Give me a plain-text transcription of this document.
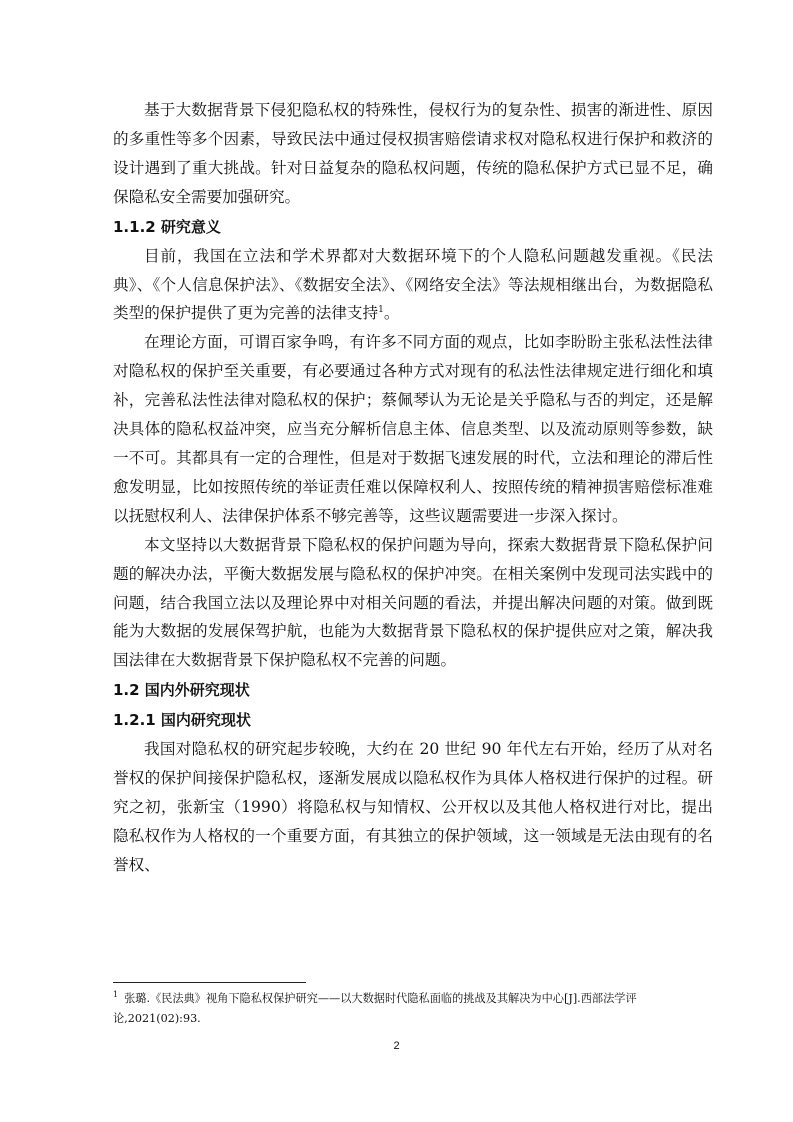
基于大数据背景下侵犯隐私权的特殊性，侵权行为的复杂性、损害的渐进性、原因的多重性等多个因素，导致民法中通过侵权损害赔偿请求权对隐私权进行保护和救济的设计遇到了重大挑战。针对日益复杂的隐私权问题，传统的隐私保护方式已显不足，确保隐私安全需要加强研究。

1.1.2 研究意义

目前，我国在立法和学术界都对大数据环境下的个人隐私问题越发重视。《民法典》、《个人信息保护法》、《数据安全法》、《网络安全法》等法规相继出台，为数据隐私类型的保护提供了更为完善的法律支持$^1$。

在理论方面，可谓百家争鸣，有许多不同方面的观点，比如李盼盼主张私法性法律对隐私权的保护至关重要，有必要通过各种方式对现有的私法性法律规定进行细化和填补，完善私法性法律对隐私权的保护；蔡佩琴认为无论是关乎隐私与否的判定，还是解决具体的隐私权益冲突，应当充分解析信息主体、信息类型、以及流动原则等参数，缺一不可。其都具有一定的合理性，但是对于数据飞速发展的时代，立法和理论的滞后性愈发明显，比如按照传统的举证责任难以保障权利人、按照传统的精神损害赔偿标准难以抚慰权利人、法律保护体系不够完善等，这些议题需要进一步深入探讨。

本文坚持以大数据背景下隐私权的保护问题为导向，探索大数据背景下隐私保护问题的解决办法，平衡大数据发展与隐私权的保护冲突。在相关案例中发现司法实践中的问题，结合我国立法以及理论界中对相关问题的看法，并提出解决问题的对策。做到既能为大数据的发展保驾护航，也能为大数据背景下隐私权的保护提供应对之策，解决我国法律在大数据背景下保护隐私权不完善的问题。

1.2 国内外研究现状

1.2.1 国内研究现状

我国对隐私权的研究起步较晚，大约在 20 世纪 90 年代左右开始，经历了从对名誉权的保护间接保护隐私权，逐渐发展成以隐私权作为具体人格权进行保护的过程。研究之初，张新宝（1990）将隐私权与知情权、公开权以及其他人格权进行对比，提出隐私权作为人格权的一个重要方面，有其独立的保护领域，这一领域是无法由现有的名誉权、

$^1$ 张璐.《民法典》视角下隐私权保护研究——以大数据时代隐私面临的挑战及其解决为中心[J].西部法学评论,2021(02):93.
2
